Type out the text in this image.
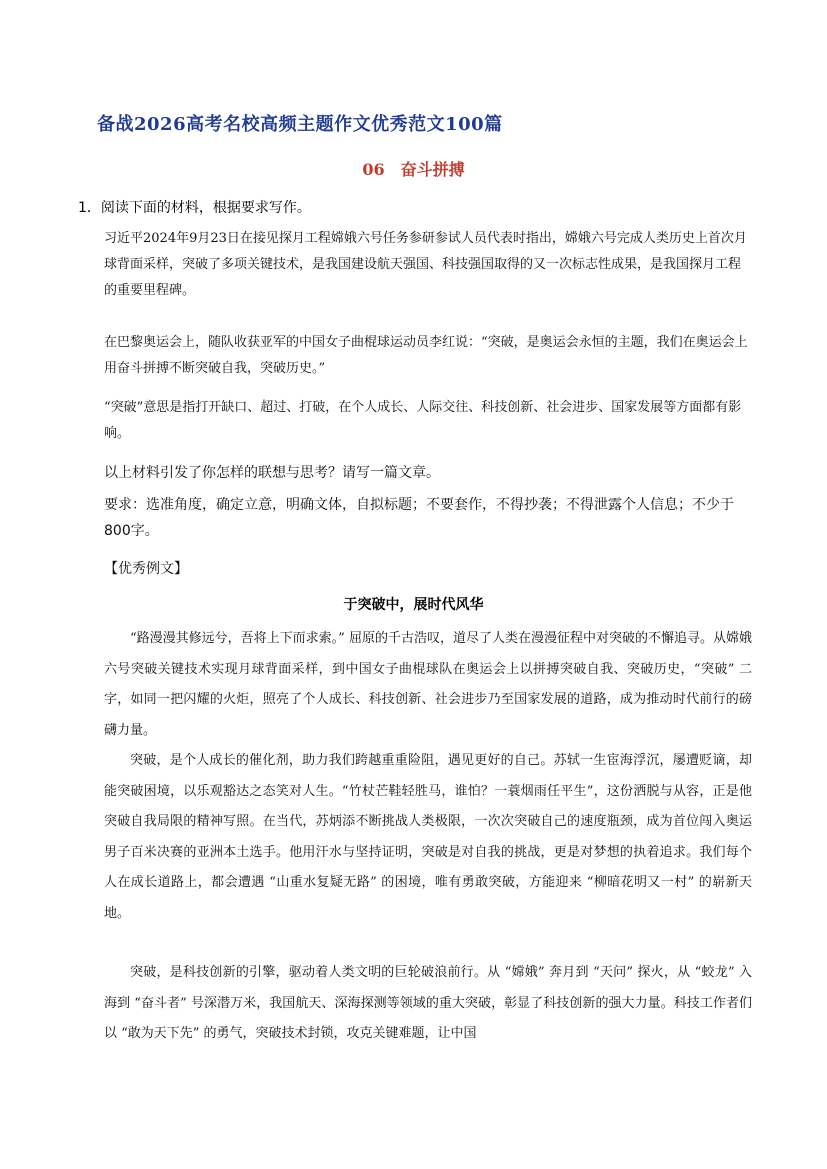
备战2026高考名校高频主题作文优秀范文100篇
06 奋斗拼搏
1．阅读下面的材料，根据要求写作。

习近平2024年9月23日在接见探月工程嫦娥六号任务参研参试人员代表时指出，嫦娥六号完成人类历史上首次月球背面采样，突破了多项关键技术，是我国建设航天强国、科技强国取得的又一次标志性成果，是我国探月工程的重要里程碑。

在巴黎奥运会上，随队收获亚军的中国女子曲棍球运动员李红说：“突破，是奥运会永恒的主题，我们在奥运会上用奋斗拼搏不断突破自我，突破历史。”

“突破”意思是指打开缺口、超过、打破，在个人成长、人际交往、科技创新、社会进步、国家发展等方面都有影响。

以上材料引发了你怎样的联想与思考？请写一篇文章。

要求：选准角度，确定立意，明确文体，自拟标题；不要套作，不得抄袭；不得泄露个人信息；不少于800字。

【优秀例文】

于突破中，展时代风华

“路漫漫其修远兮，吾将上下而求索。” 屈原的千古浩叹，道尽了人类在漫漫征程中对突破的不懈追寻。从嫦娥六号突破关键技术实现月球背面采样，到中国女子曲棍球队在奥运会上以拼搏突破自我、突破历史，“突破” 二字，如同一把闪耀的火炬，照亮了个人成长、科技创新、社会进步乃至国家发展的道路，成为推动时代前行的磅礴力量。

突破，是个人成长的催化剂，助力我们跨越重重险阻，遇见更好的自己。苏轼一生宦海浮沉，屡遭贬谪，却能突破困境，以乐观豁达之态笑对人生。“竹杖芒鞋轻胜马，谁怕？一蓑烟雨任平生”，这份洒脱与从容，正是他突破自我局限的精神写照。在当代，苏炳添不断挑战人类极限，一次次突破自己的速度瓶颈，成为首位闯入奥运男子百米决赛的亚洲本土选手。他用汗水与坚持证明，突破是对自我的挑战，更是对梦想的执着追求。我们每个人在成长道路上，都会遭遇 “山重水复疑无路” 的困境，唯有勇敢突破，方能迎来 “柳暗花明又一村” 的崭新天地。

突破，是科技创新的引擎，驱动着人类文明的巨轮破浪前行。从 “嫦娥” 奔月到 “天问” 探火，从 “蛟龙” 入海到 “奋斗者” 号深潜万米，我国航天、深海探测等领域的重大突破，彰显了科技创新的强大力量。科技工作者们以 “敢为天下先” 的勇气，突破技术封锁，攻克关键难题，让中国
